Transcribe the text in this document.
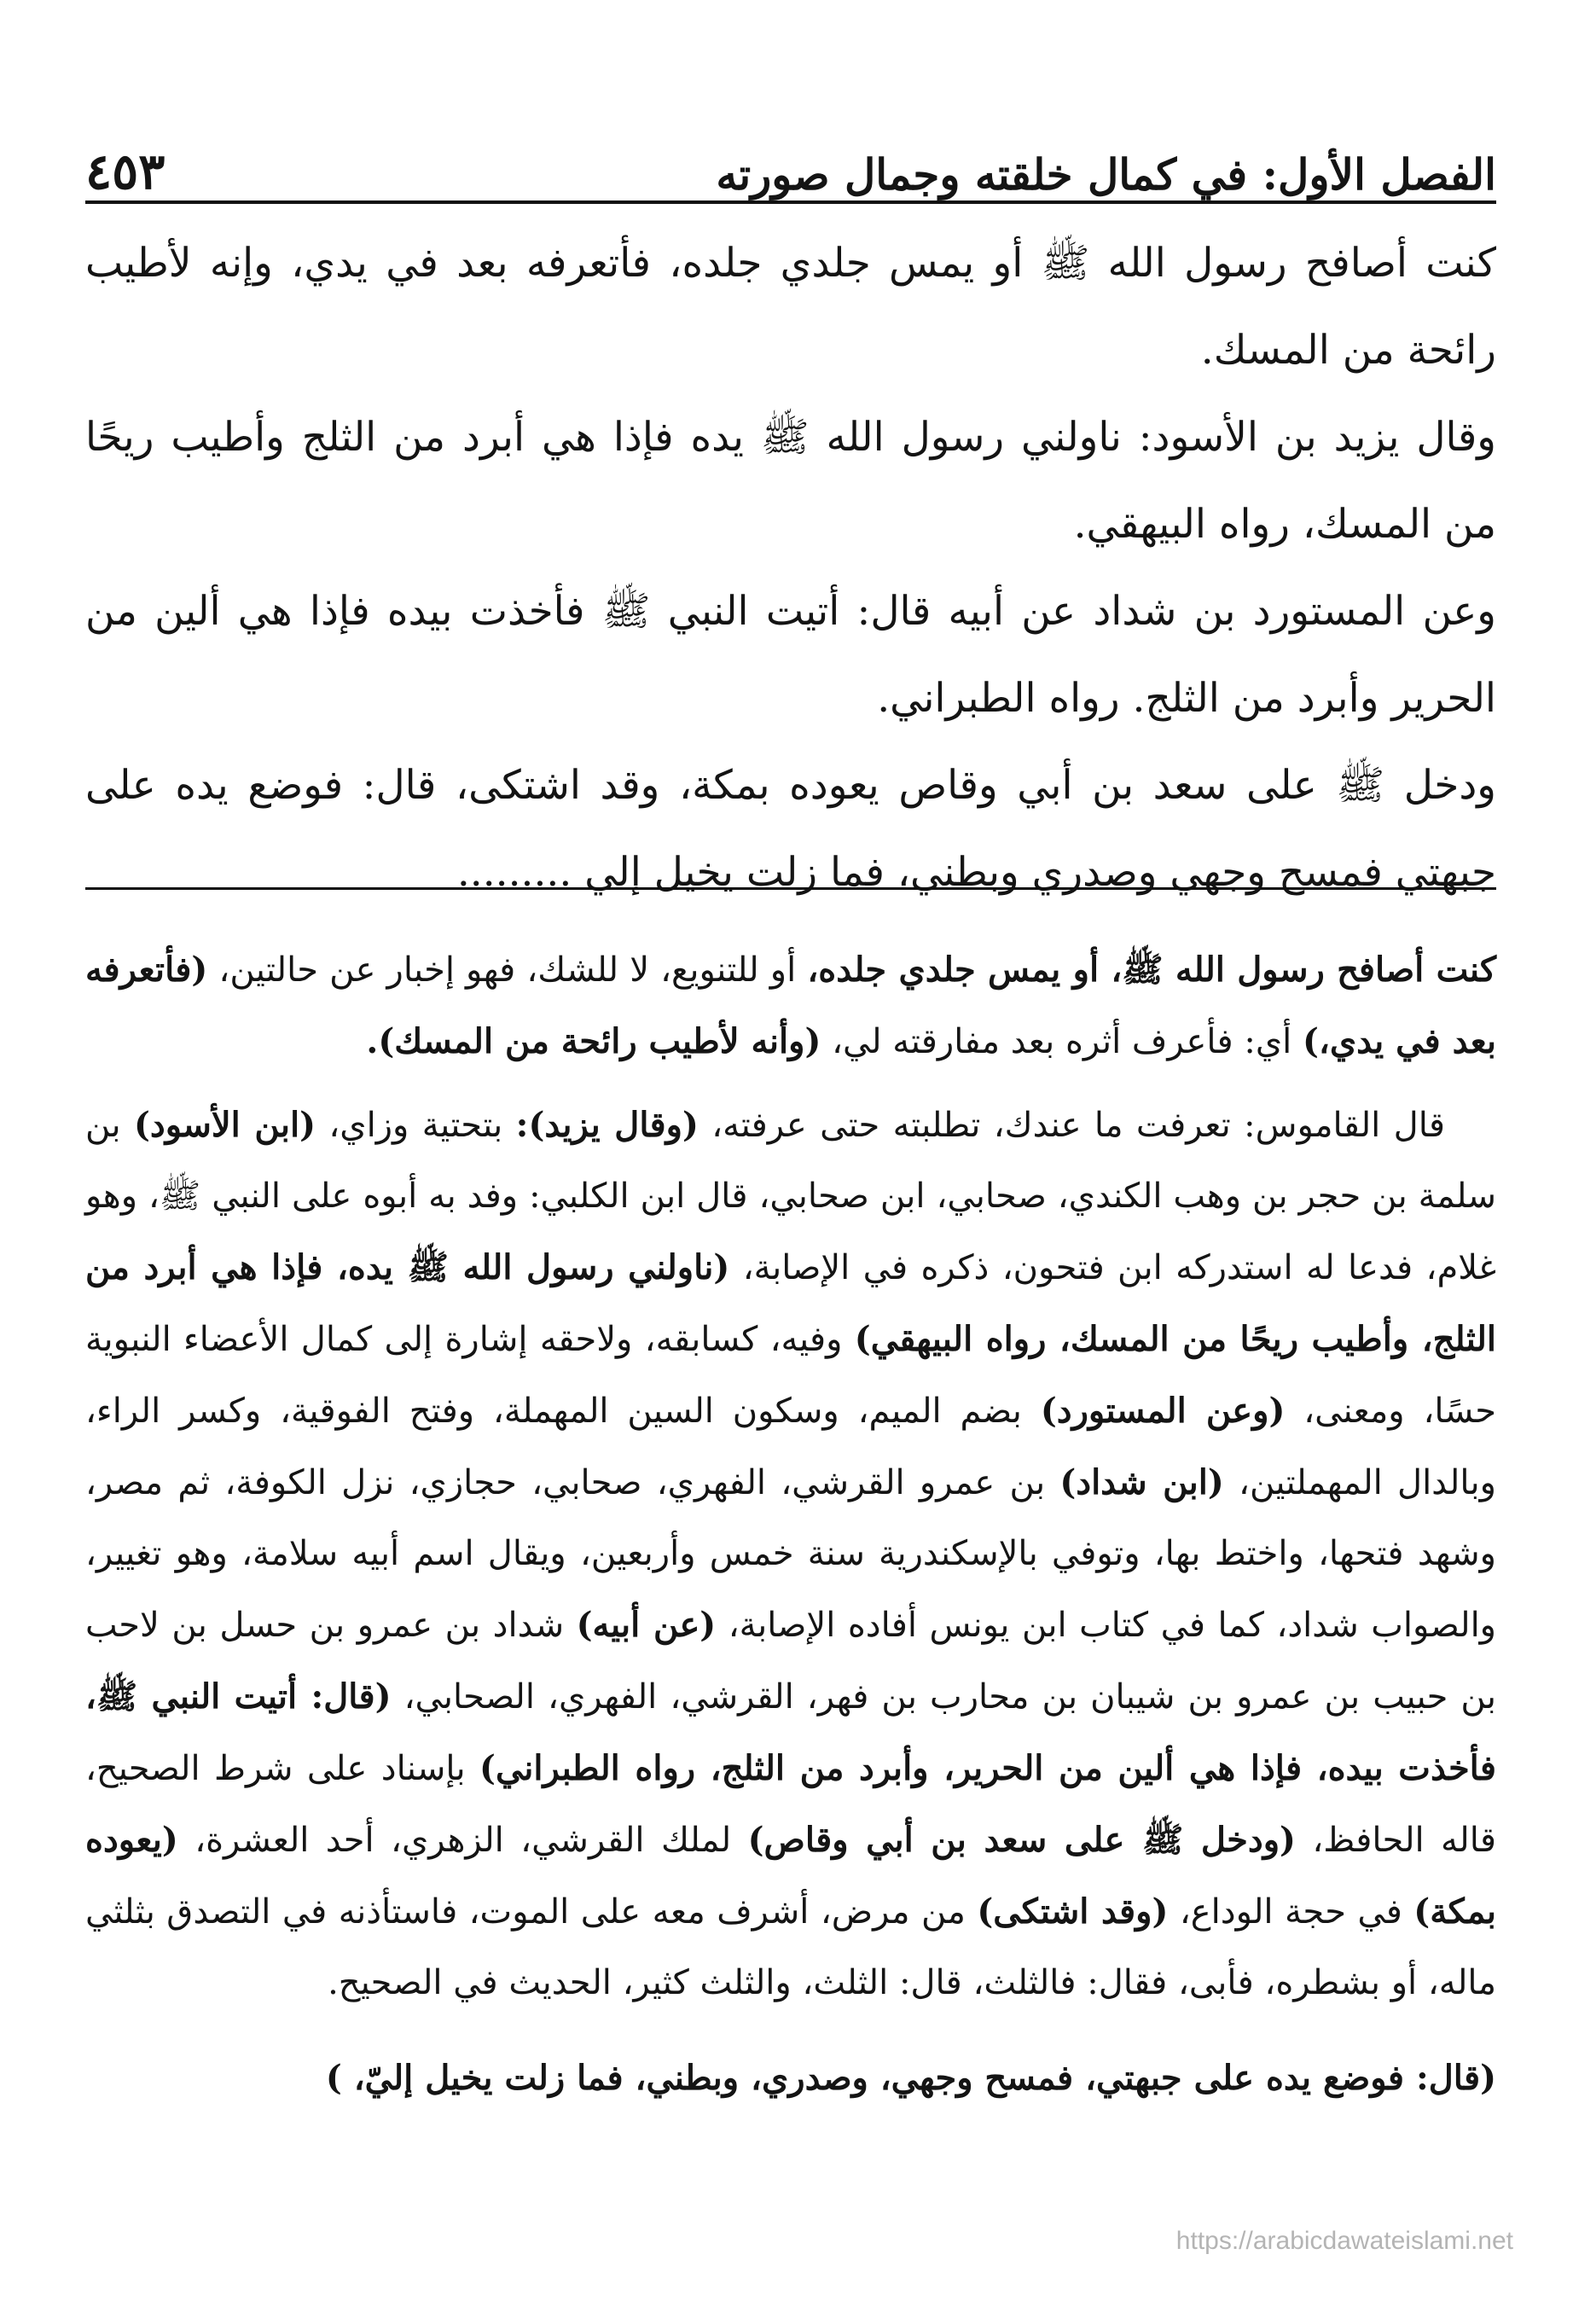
الفصل الأول: في كمال خلقته وجمال صورته
٤٥٣

كنت أصافح رسول الله ﷺ أو يمس جلدي جلده، فأتعرفه بعد في يدي، وإنه لأطيب رائحة من المسك.

وقال يزيد بن الأسود: ناولني رسول الله ﷺ يده فإذا هي أبرد من الثلج وأطيب ريحًا من المسك، رواه البيهقي.

وعن المستورد بن شداد عن أبيه قال: أتيت النبي ﷺ فأخذت بيده فإذا هي ألين من الحرير وأبرد من الثلج. رواه الطبراني.

ودخل ﷺ على سعد بن أبي وقاص يعوده بمكة، وقد اشتكى، قال: فوضع يده على جبهتي فمسح وجهي وصدري وبطني، فما زلت يخيل إلي .........

كنت أصافح رسول الله ﷺ، أو يمس جلدي جلده، أو للتنويع، لا للشك، فهو إخبار عن حالتين، (فأتعرفه بعد في يدي،) أي: فأعرف أثره بعد مفارقته لي، (وأنه لأطيب رائحة من المسك).

قال القاموس: تعرفت ما عندك، تطلبته حتى عرفته، (وقال يزيد): بتحتية وزاي، (ابن الأسود) بن سلمة بن حجر بن وهب الكندي، صحابي، ابن صحابي، قال ابن الكلبي: وفد به أبوه على النبي ﷺ، وهو غلام، فدعا له استدركه ابن فتحون، ذكره في الإصابة، (ناولني رسول الله ﷺ يده، فإذا هي أبرد من الثلج، وأطيب ريحًا من المسك، رواه البيهقي) وفيه، كسابقه، ولاحقه إشارة إلى كمال الأعضاء النبوية حسًا، ومعنى، (وعن المستورد) بضم الميم، وسكون السين المهملة، وفتح الفوقية، وكسر الراء، وبالدال المهملتين، (ابن شداد) بن عمرو القرشي، الفهري، صحابي، حجازي، نزل الكوفة، ثم مصر، وشهد فتحها، واختط بها، وتوفي بالإسكندرية سنة خمس وأربعين، ويقال اسم أبيه سلامة، وهو تغيير، والصواب شداد، كما في كتاب ابن يونس أفاده الإصابة، (عن أبيه) شداد بن عمرو بن حسل بن لاحب بن حبيب بن عمرو بن شيبان بن محارب بن فهر، القرشي، الفهري، الصحابي، (قال: أتيت النبي ﷺ، فأخذت بيده، فإذا هي ألين من الحرير، وأبرد من الثلج، رواه الطبراني) بإسناد على شرط الصحيح، قاله الحافظ، (ودخل ﷺ على سعد بن أبي وقاص) لملك القرشي، الزهري، أحد العشرة، (يعوده بمكة) في حجة الوداع، (وقد اشتكى) من مرض، أشرف معه على الموت، فاستأذنه في التصدق بثلثي ماله، أو بشطره، فأبى، فقال: فالثلث، قال: الثلث، والثلث كثير، الحديث في الصحيح.

(قال: فوضع يده على جبهتي، فمسح وجهي، وصدري، وبطني، فما زلت يخيل إليّ، )

https://arabicdawateislami.net
